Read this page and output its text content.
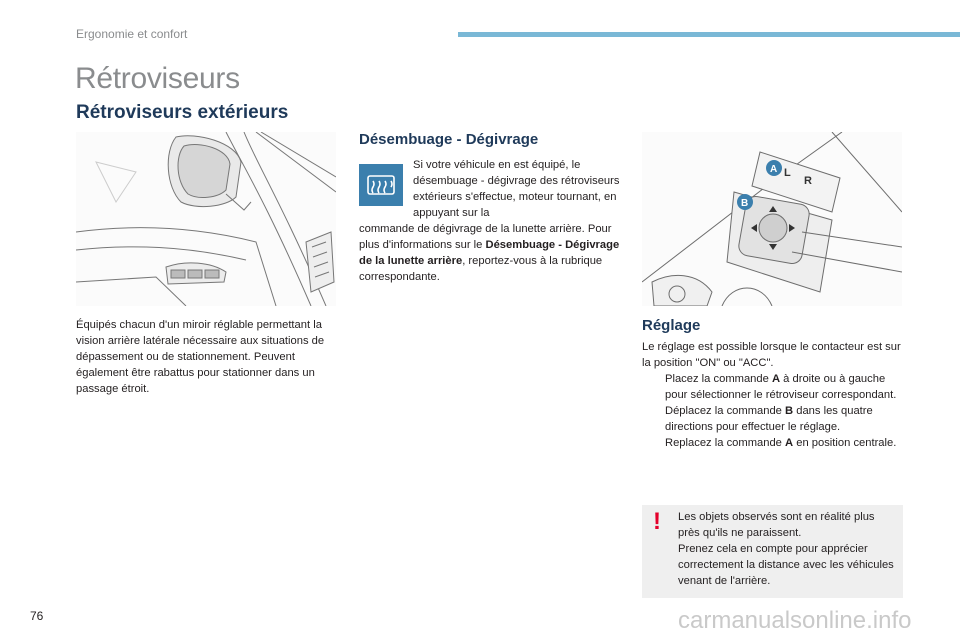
Ergonomie et confort
Rétroviseurs
Rétroviseurs extérieurs
Équipés chacun d'un miroir réglable permettant la vision arrière latérale nécessaire aux situations de dépassement ou de stationnement. Peuvent également être rabattus pour stationner dans un passage étroit.
Désembuage - Dégivrage
Si votre véhicule en est équipé, le désembuage - dégivrage des rétroviseurs extérieurs s'effectue, moteur tournant, en appuyant sur la
commande de dégivrage de la lunette arrière. Pour plus d'informations sur le Désembuage - Dégivrage de la lunette arrière, reportez-vous à la rubrique correspondante.
L
R
A
B
Réglage

Le réglage est possible lorsque le contacteur est sur la position "ON" ou "ACC".

Placez la commande A à droite ou à gauche pour sélectionner le rétroviseur correspondant.
Déplacez la commande B dans les quatre directions pour effectuer le réglage.
Replacez la commande A en position centrale.
! Les objets observés sont en réalité plus près qu'ils ne paraissent.

Prenez cela en compte pour apprécier correctement la distance avec les véhicules venant de l'arrière.

76	carmanualsonline.info
